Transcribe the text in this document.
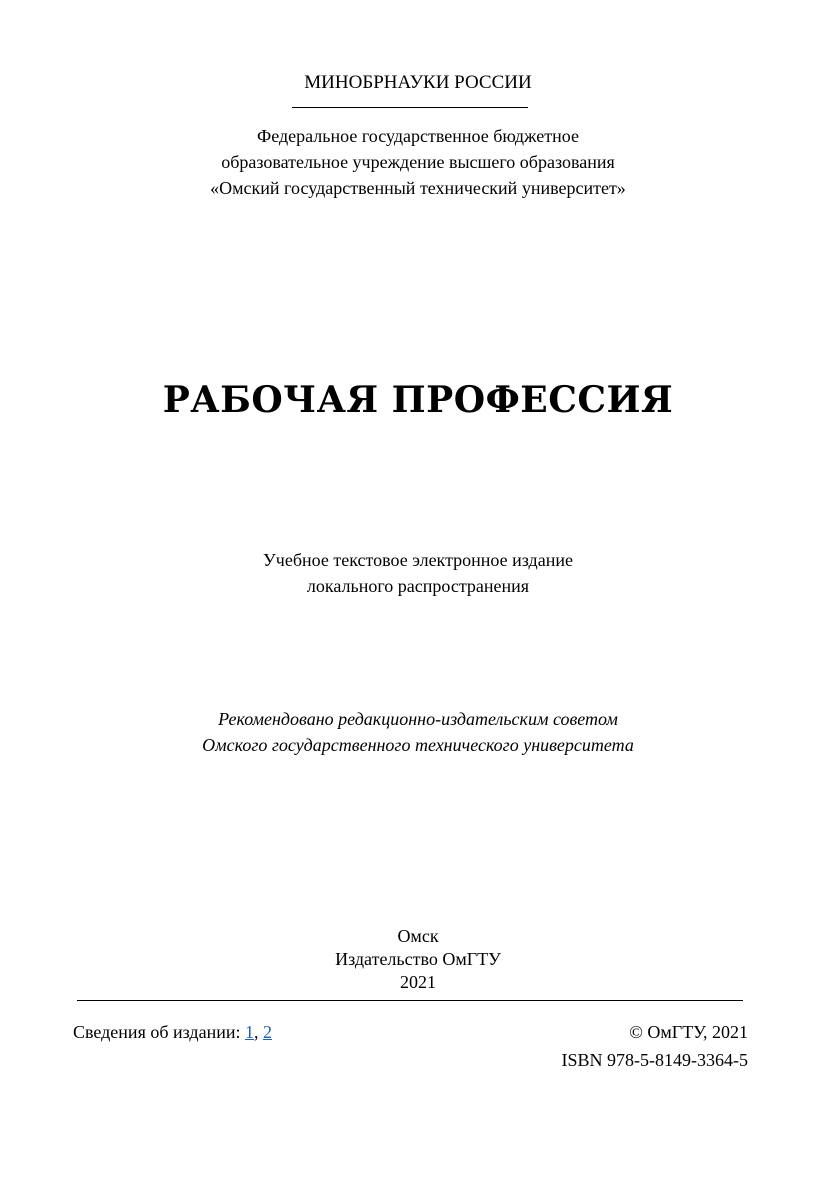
МИНОБРНАУКИ РОССИИ
Федеральное государственное бюджетное
образовательное учреждение высшего образования
«Омский государственный технический университет»
РАБОЧАЯ ПРОФЕССИЯ
Учебное текстовое электронное издание
локального распространения
Рекомендовано редакционно-издательским советом
Омского государственного технического университета
Омск
Издательство ОмГТУ
2021
Сведения об издании: 1, 2	© ОмГТУ, 2021
ISBN 978-5-8149-3364-5
